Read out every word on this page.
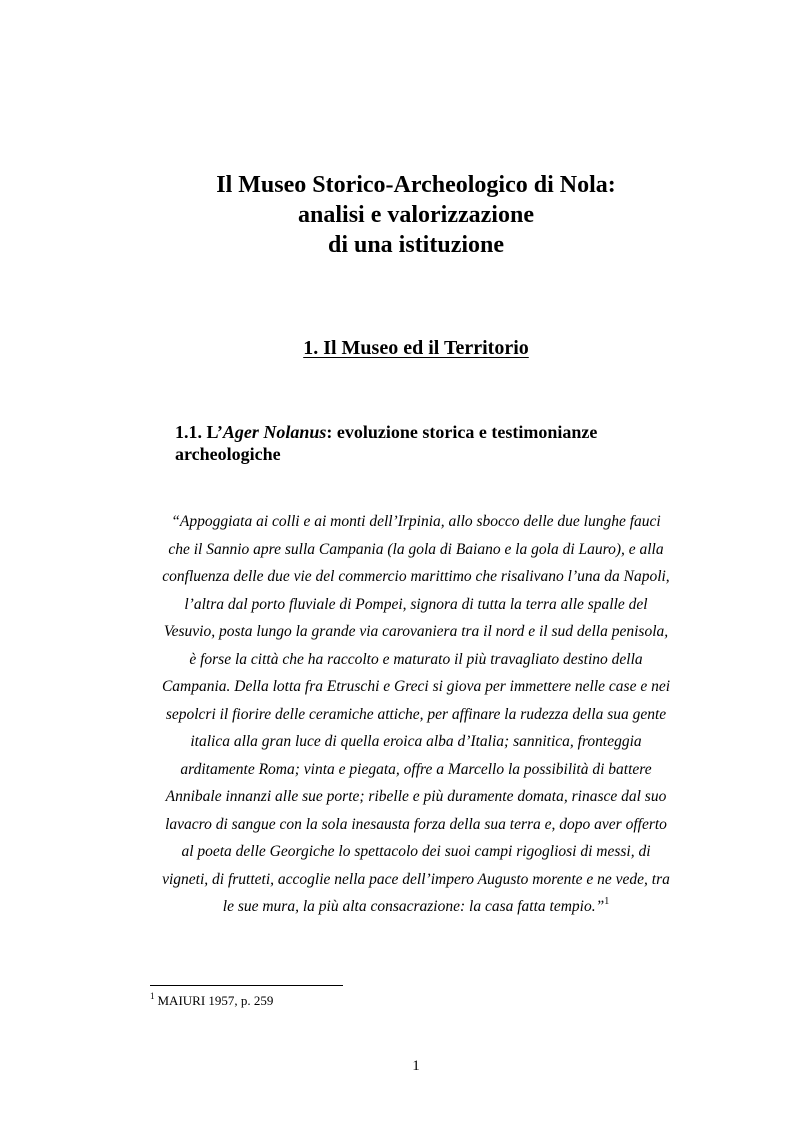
Il Museo Storico-Archeologico di Nola:
analisi e valorizzazione
di una istituzione
1. Il Museo ed il Territorio
1.1. L’Ager Nolanus: evoluzione storica e testimonianze
archeologiche
“Appoggiata ai colli e ai monti dell’Irpinia, allo sbocco delle due lunghe fauci
che il Sannio apre sulla Campania (la gola di Baiano e la gola di Lauro), e alla
confluenza delle due vie del commercio marittimo che risalivano l’una da Napoli,
l’altra dal porto fluviale di Pompei, signora di tutta la terra alle spalle del
Vesuvio, posta lungo la grande via carovaniera tra il nord e il sud della penisola,
è forse la città che ha raccolto e maturato il più travagliato destino della
Campania. Della lotta fra Etruschi e Greci si giova per immettere nelle case e nei
sepolcri il fiorire delle ceramiche attiche, per affinare la rudezza della sua gente
italica alla gran luce di quella eroica alba d’Italia; sannitica, fronteggia
arditamente Roma; vinta e piegata, offre a Marcello la possibilità di battere
Annibale innanzi alle sue porte; ribelle e più duramente domata, rinasce dal suo
lavacro di sangue con la sola inesausta forza della sua terra e, dopo aver offerto
al poeta delle Georgiche lo spettacolo dei suoi campi rigogliosi di messi, di
vigneti, di frutteti, accoglie nella pace dell’impero Augusto morente e ne vede, tra
le sue mura, la più alta consacrazione: la casa fatta tempio.”$^1$
$^1$ MAIURI 1957, p. 259
1
